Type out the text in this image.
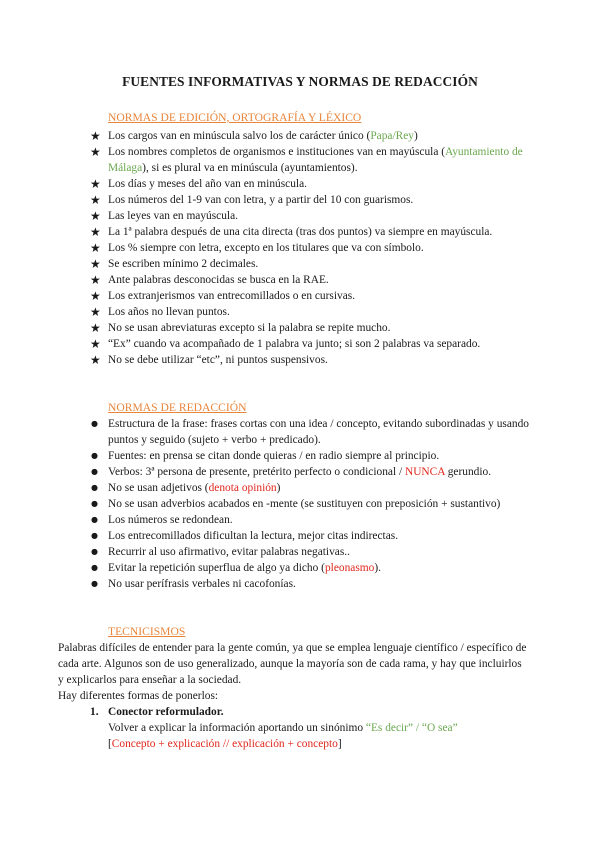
FUENTES INFORMATIVAS Y NORMAS DE REDACCIÓN
NORMAS DE EDICIÓN, ORTOGRAFÍA Y LÉXICO
★ Los cargos van en minúscula salvo los de carácter único (Papa/Rey)
★ Los nombres completos de organismos e instituciones van en mayúscula (Ayuntamiento de Málaga), si es plural va en minúscula (ayuntamientos).
★ Los días y meses del año van en minúscula.
★ Los números del 1-9 van con letra, y a partir del 10 con guarismos.
★ Las leyes van en mayúscula.
★ La 1ª palabra después de una cita directa (tras dos puntos) va siempre en mayúscula.
★ Los % siempre con letra, excepto en los titulares que va con símbolo.
★ Se escriben mínimo 2 decimales.
★ Ante palabras desconocidas se busca en la RAE.
★ Los extranjerismos van entrecomillados o en cursivas.
★ Los años no llevan puntos.
★ No se usan abreviaturas excepto si la palabra se repite mucho.
★ “Ex” cuando va acompañado de 1 palabra va junto; si son 2 palabras va separado.
★ No se debe utilizar “etc”, ni puntos suspensivos.
NORMAS DE REDACCIÓN
● Estructura de la frase: frases cortas con una idea / concepto, evitando subordinadas y usando puntos y seguido (sujeto + verbo + predicado).
● Fuentes: en prensa se citan donde quieras / en radio siempre al principio.
● Verbos: 3ª persona de presente, pretérito perfecto o condicional / NUNCA gerundio.
● No se usan adjetivos (denota opinión)
● No se usan adverbios acabados en -mente (se sustituyen con preposición + sustantivo)
● Los números se redondean.
● Los entrecomillados dificultan la lectura, mejor citas indirectas.
● Recurrir al uso afirmativo, evitar palabras negativas..
● Evitar la repetición superflua de algo ya dicho (pleonasmo).
● No usar perífrasis verbales ni cacofonías.
TECNICISMOS

Palabras difíciles de entender para la gente común, ya que se emplea lenguaje científico / específico de cada arte. Algunos son de uso generalizado, aunque la mayoría son de cada rama, y hay que incluirlos y explicarlos para enseñar a la sociedad.

Hay diferentes formas de ponerlos:

1. Conector reformulador.
Volver a explicar la información aportando un sinónimo “Es decir” / “O sea”
[Concepto + explicación // explicación + concepto]
